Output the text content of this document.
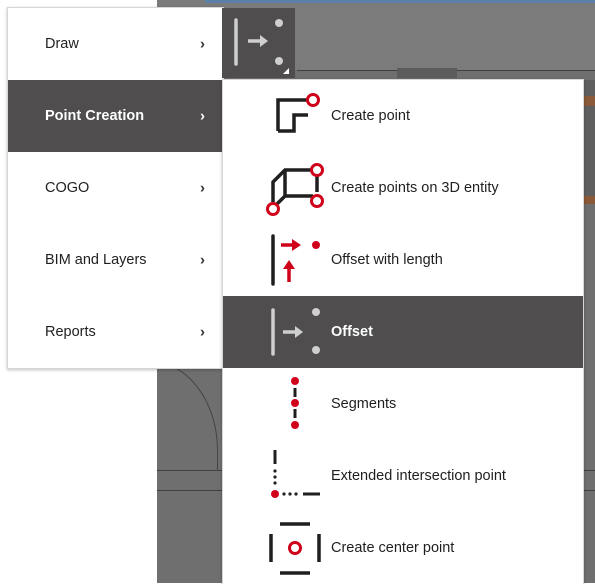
Draw	›
Point Creation	›
COGO	›
BIM and Layers	›
Reports	›
Create point
Create points on 3D entity
Offset with length
Offset
Segments
Extended intersection point
Create center point
